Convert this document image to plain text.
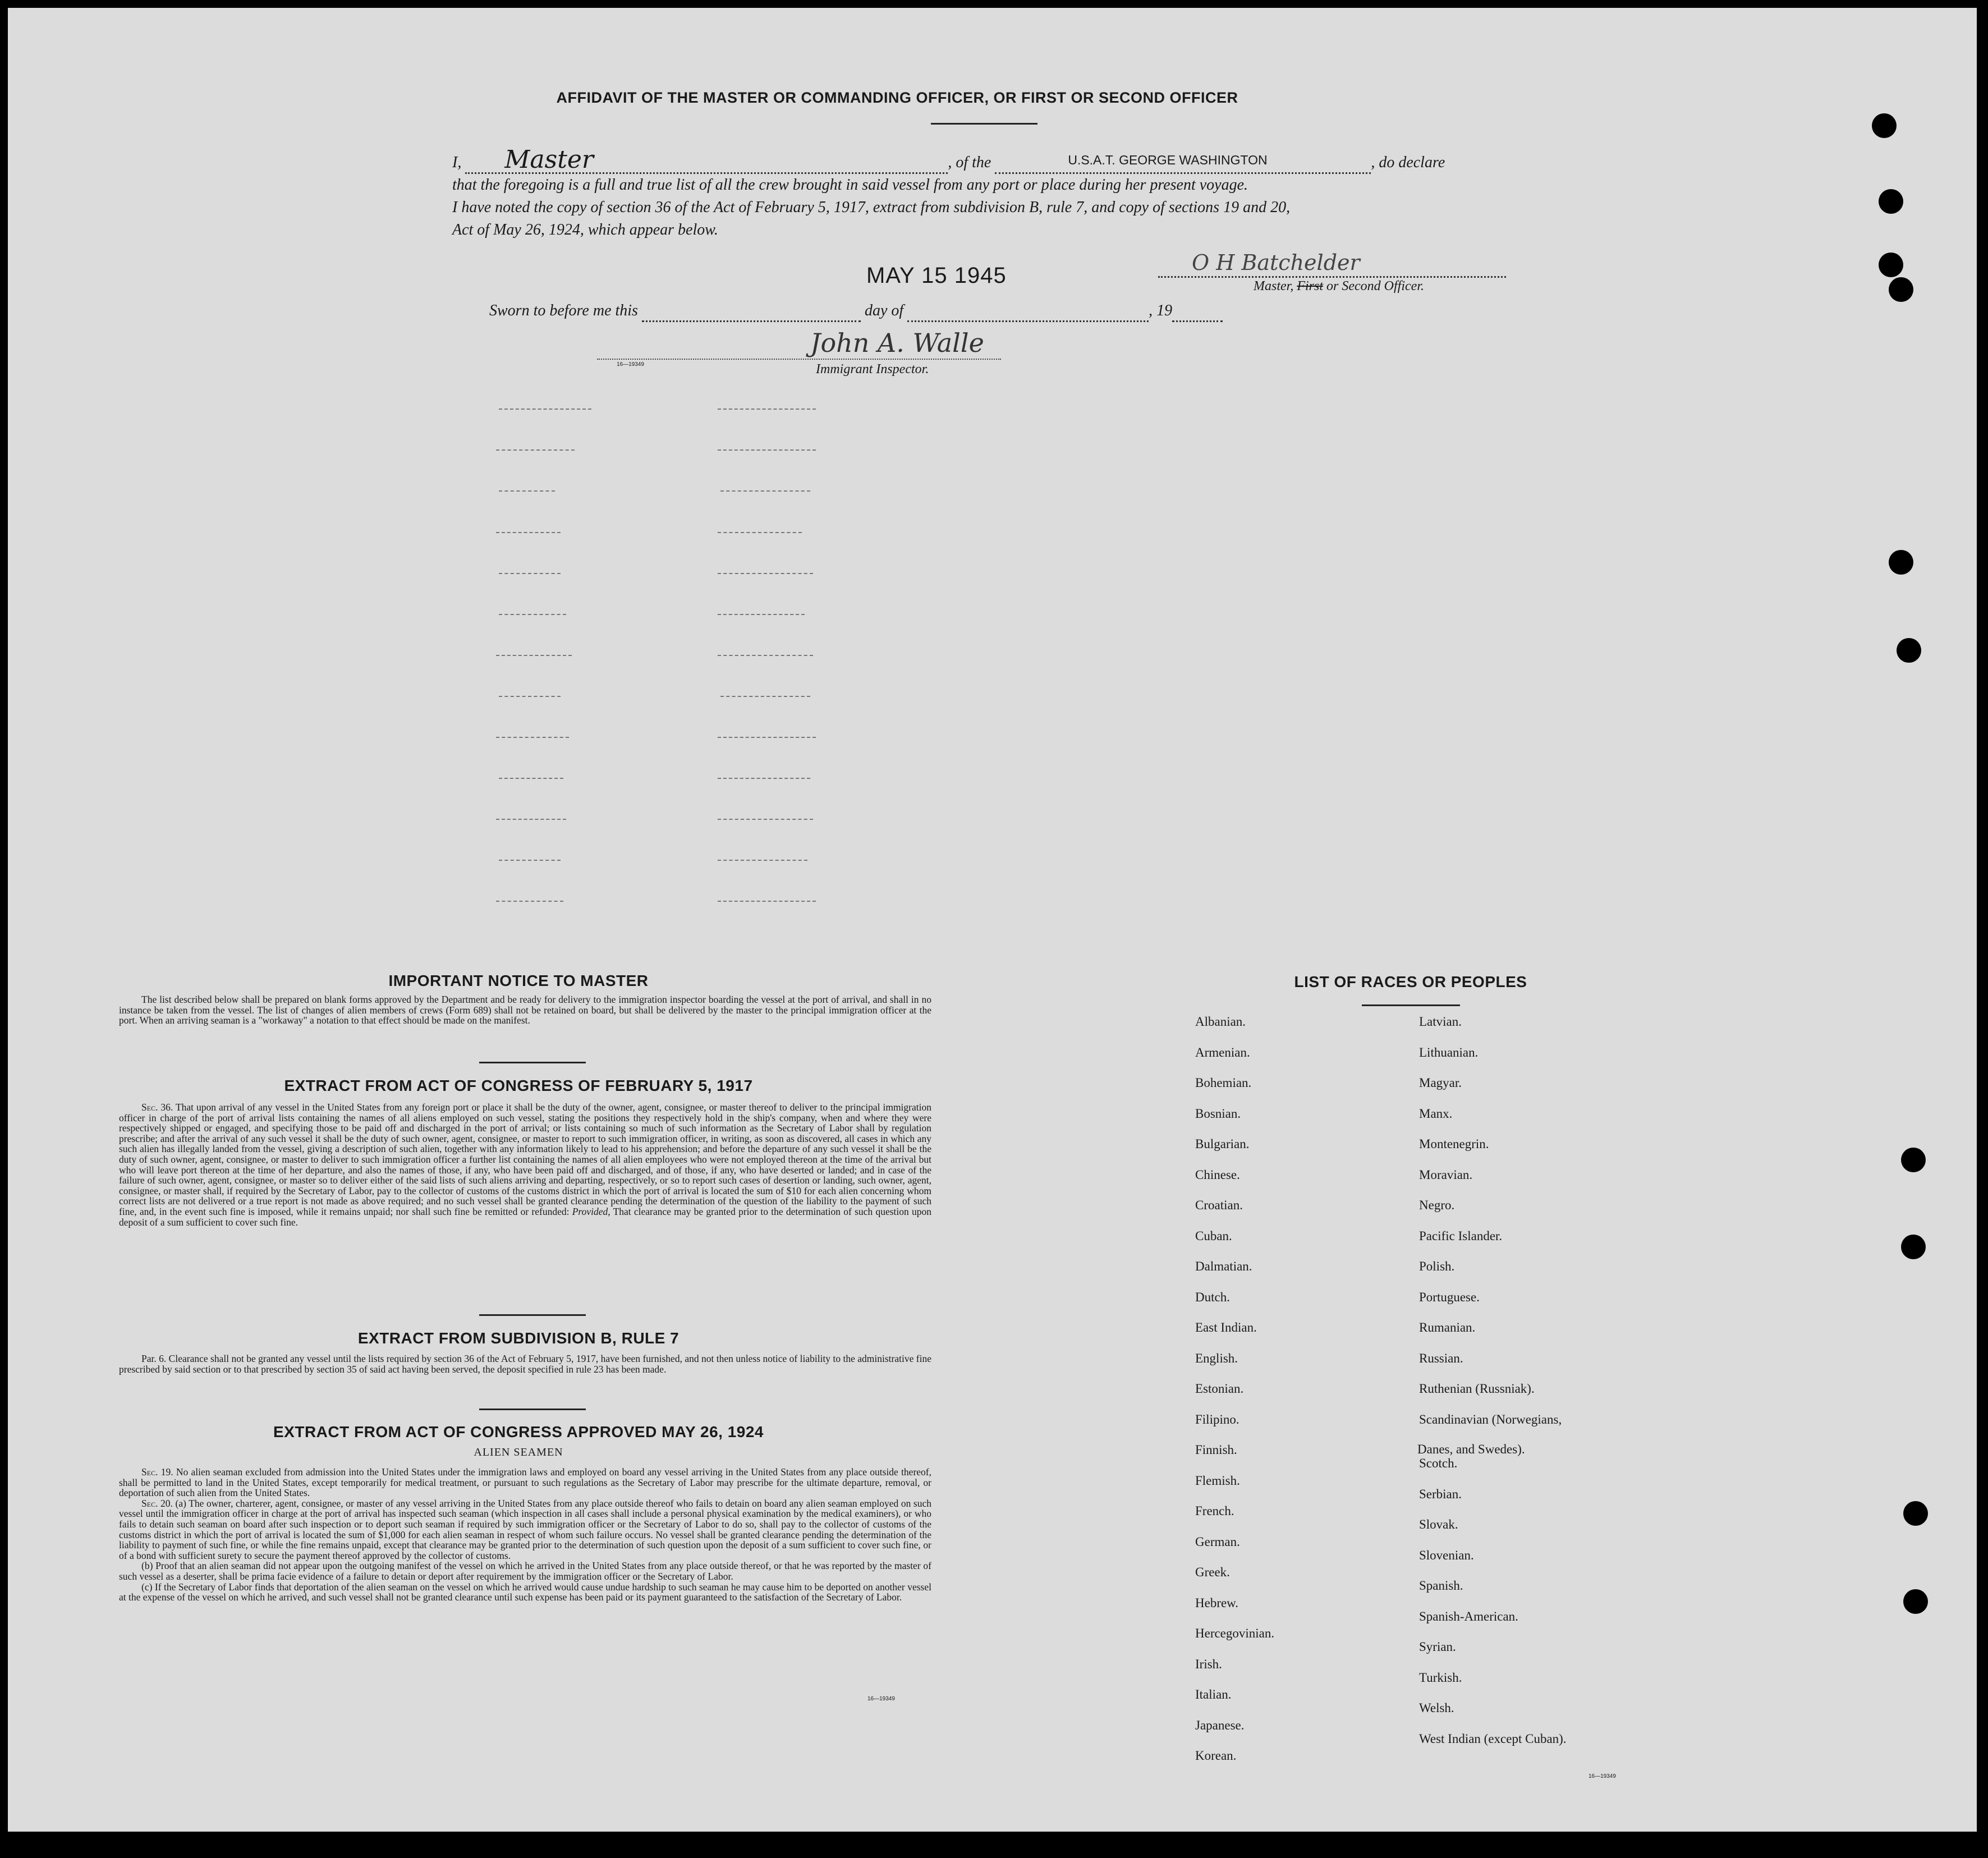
AFFIDAVIT OF THE MASTER OR COMMANDING OFFICER, OR FIRST OR SECOND OFFICER
I, Master	, of the	U.S.A.T. GEORGE WASHINGTON	, do declare
that the foregoing is a full and true list of all the crew brought in said vessel from any port or place during her present voyage.
I have noted the copy of section 36 of the Act of February 5, 1917, extract from subdivision B, rule 7, and copy of sections 19 and 20,
Act of May 26, 1924, which appear below.
MAY 15 1945
O H Batchelder
Master, First or Second Officer.
Sworn to before me this	day of	, 19
John A. Walle
16—19349	Immigrant Inspector.
IMPORTANT NOTICE TO MASTER

The list described below shall be prepared on blank forms approved by the Department and be ready for delivery to the immigration inspector boarding the vessel at the port of arrival, and shall in no instance be taken from the vessel. The list of changes of alien members of crews (Form 689) shall not be retained on board, but shall be delivered by the master to the principal immigration officer at the port. When an arriving seaman is a "workaway" a notation to that effect should be made on the manifest.

EXTRACT FROM ACT OF CONGRESS OF FEBRUARY 5, 1917

Sec. 36. That upon arrival of any vessel in the United States from any foreign port or place it shall be the duty of the owner, agent, consignee, or master thereof to deliver to the principal immigration officer in charge of the port of arrival lists containing the names of all aliens employed on such vessel, stating the positions they respectively hold in the ship's company, when and where they were respectively shipped or engaged, and specifying those to be paid off and discharged in the port of arrival; or lists containing so much of such information as the Secretary of Labor shall by regulation prescribe; and after the arrival of any such vessel it shall be the duty of such owner, agent, consignee, or master to report to such immigration officer, in writing, as soon as discovered, all cases in which any such alien has illegally landed from the vessel, giving a description of such alien, together with any information likely to lead to his apprehension; and before the departure of any such vessel it shall be the duty of such owner, agent, consignee, or master to deliver to such immigration officer a further list containing the names of all alien employees who were not employed thereon at the time of the arrival but who will leave port thereon at the time of her departure, and also the names of those, if any, who have been paid off and discharged, and of those, if any, who have deserted or landed; and in case of the failure of such owner, agent, consignee, or master so to deliver either of the said lists of such aliens arriving and departing, respectively, or so to report such cases of desertion or landing, such owner, agent, consignee, or master shall, if required by the Secretary of Labor, pay to the collector of customs of the customs district in which the port of arrival is located the sum of $10 for each alien concerning whom correct lists are not delivered or a true report is not made as above required; and no such vessel shall be granted clearance pending the determination of the question of the liability to the payment of such fine, and, in the event such fine is imposed, while it remains unpaid; nor shall such fine be remitted or refunded: Provided, That clearance may be granted prior to the determination of such question upon deposit of a sum sufficient to cover such fine.

EXTRACT FROM SUBDIVISION B, RULE 7

Par. 6. Clearance shall not be granted any vessel until the lists required by section 36 of the Act of February 5, 1917, have been furnished, and not then unless notice of liability to the administrative fine prescribed by said section or to that prescribed by section 35 of said act having been served, the deposit specified in rule 23 has been made.

EXTRACT FROM ACT OF CONGRESS APPROVED MAY 26, 1924
ALIEN SEAMEN

Sec. 19. No alien seaman excluded from admission into the United States under the immigration laws and employed on board any vessel arriving in the United States from any place outside thereof, shall be permitted to land in the United States, except temporarily for medical treatment, or pursuant to such regulations as the Secretary of Labor may prescribe for the ultimate departure, removal, or deportation of such alien from the United States.

Sec. 20. (a) The owner, charterer, agent, consignee, or master of any vessel arriving in the United States from any place outside thereof who fails to detain on board any alien seaman employed on such vessel until the immigration officer in charge at the port of arrival has inspected such seaman (which inspection in all cases shall include a personal physical examination by the medical examiners), or who fails to detain such seaman on board after such inspection or to deport such seaman if required by such immigration officer or the Secretary of Labor to do so, shall pay to the collector of customs of the customs district in which the port of arrival is located the sum of $1,000 for each alien seaman in respect of whom such failure occurs. No vessel shall be granted clearance pending the determination of the liability to payment of such fine, or while the fine remains unpaid, except that clearance may be granted prior to the determination of such question upon the deposit of a sum sufficient to cover such fine, or of a bond with sufficient surety to secure the payment thereof approved by the collector of customs.

(b) Proof that an alien seaman did not appear upon the outgoing manifest of the vessel on which he arrived in the United States from any place outside thereof, or that he was reported by the master of such vessel as a deserter, shall be prima facie evidence of a failure to detain or deport after requirement by the immigration officer or the Secretary of Labor.

(c) If the Secretary of Labor finds that deportation of the alien seaman on the vessel on which he arrived would cause undue hardship to such seaman he may cause him to be deported on another vessel at the expense of the vessel on which he arrived, and such vessel shall not be granted clearance until such expense has been paid or its payment guaranteed to the satisfaction of the Secretary of Labor.

16—19349
LIST OF RACES OR PEOPLES
Danes, and Swedes).
16—19349
Albanian.
Armenian.
Bohemian.
Bosnian.
Bulgarian.
Chinese.
Croatian.
Cuban.
Dalmatian.
Dutch.
East Indian.
English.
Estonian.
Filipino.
Finnish.
Flemish.
French.
German.
Greek.
Hebrew.
Hercegovinian.
Irish.
Italian.
Japanese.
Korean.
Latvian.
Lithuanian.
Magyar.
Manx.
Montenegrin.
Moravian.
Negro.
Pacific Islander.
Polish.
Portuguese.
Rumanian.
Russian.
Ruthenian (Russniak).
Scandinavian (Norwegians,
Scotch.
Serbian.
Slovak.
Slovenian.
Spanish.
Spanish-American.
Syrian.
Turkish.
Welsh.
West Indian (except Cuban).
